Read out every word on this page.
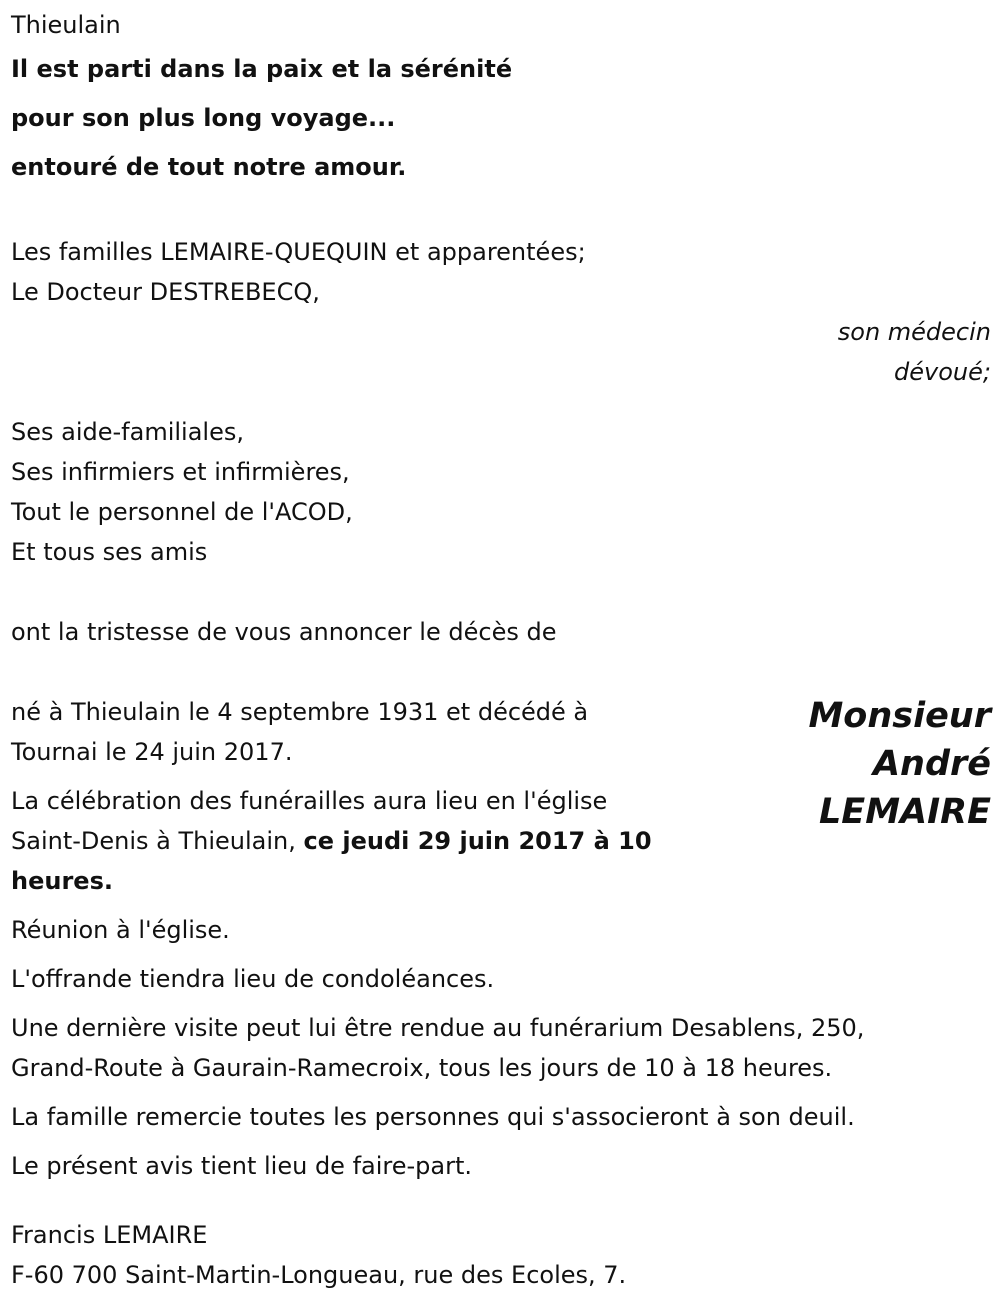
Thieulain
Il est parti dans la paix et la sérénité
pour son plus long voyage...
entouré de tout notre amour.
Les familles LEMAIRE-QUEQUIN et apparentées;
Le Docteur DESTREBECQ,
son médecin
dévoué;
Ses aide-familiales,
Ses infirmiers et infirmières,
Tout le personnel de l'ACOD,
Et tous ses amis
ont la tristesse de vous annoncer le décès de
Monsieur
André
LEMAIRE
né à Thieulain le 4 septembre 1931 et décédé à
Tournai le 24 juin 2017.
La célébration des funérailles aura lieu en l'église
Saint-Denis à Thieulain, ce jeudi 29 juin 2017 à 10
heures.
Réunion à l'église.
L'offrande tiendra lieu de condoléances.
Une dernière visite peut lui être rendue au funérarium Desablens, 250,
Grand-Route à Gaurain-Ramecroix, tous les jours de 10 à 18 heures.
La famille remercie toutes les personnes qui s'associeront à son deuil.
Le présent avis tient lieu de faire-part.
Francis LEMAIRE
F-60 700 Saint-Martin-Longueau, rue des Ecoles, 7.
